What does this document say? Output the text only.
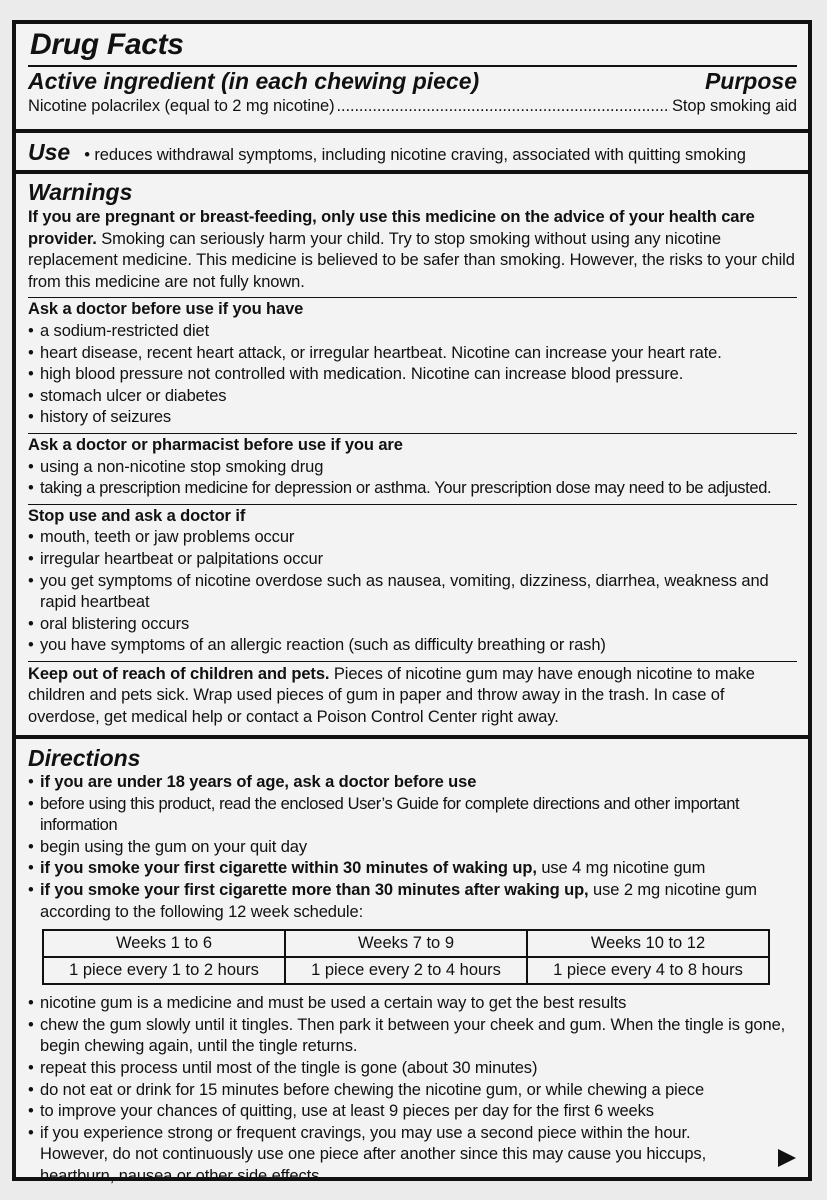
Drug Facts
Active ingredient (in each chewing piece)	Purpose
Nicotine polacrilex (equal to 2 mg nicotine) .....	Stop smoking aid
Use • reduces withdrawal symptoms, including nicotine craving, associated with quitting smoking
Warnings
If you are pregnant or breast-feeding, only use this medicine on the advice of your health care provider. Smoking can seriously harm your child. Try to stop smoking without using any nicotine replacement medicine. This medicine is believed to be safer than smoking. However, the risks to your child from this medicine are not fully known.
Ask a doctor before use if you have
• a sodium-restricted diet
• heart disease, recent heart attack, or irregular heartbeat. Nicotine can increase your heart rate.
• high blood pressure not controlled with medication. Nicotine can increase blood pressure.
• stomach ulcer or diabetes
• history of seizures
Ask a doctor or pharmacist before use if you are
• using a non-nicotine stop smoking drug
• taking a prescription medicine for depression or asthma. Your prescription dose may need to be adjusted.
Stop use and ask a doctor if
• mouth, teeth or jaw problems occur
• irregular heartbeat or palpitations occur
• you get symptoms of nicotine overdose such as nausea, vomiting, dizziness, diarrhea, weakness and rapid heartbeat
• oral blistering occurs
• you have symptoms of an allergic reaction (such as difficulty breathing or rash)
Keep out of reach of children and pets. Pieces of nicotine gum may have enough nicotine to make children and pets sick. Wrap used pieces of gum in paper and throw away in the trash. In case of overdose, get medical help or contact a Poison Control Center right away.
Directions
• if you are under 18 years of age, ask a doctor before use
• before using this product, read the enclosed User’s Guide for complete directions and other important information
• begin using the gum on your quit day
• if you smoke your first cigarette within 30 minutes of waking up, use 4 mg nicotine gum
• if you smoke your first cigarette more than 30 minutes after waking up, use 2 mg nicotine gum according to the following 12 week schedule:
Weeks 1 to 6	Weeks 7 to 9	Weeks 10 to 12
1 piece every 1 to 2 hours	1 piece every 2 to 4 hours	1 piece every 4 to 8 hours
• nicotine gum is a medicine and must be used a certain way to get the best results
• chew the gum slowly until it tingles. Then park it between your cheek and gum. When the tingle is gone, begin chewing again, until the tingle returns.
• repeat this process until most of the tingle is gone (about 30 minutes)
• do not eat or drink for 15 minutes before chewing the nicotine gum, or while chewing a piece
• to improve your chances of quitting, use at least 9 pieces per day for the first 6 weeks
• if you experience strong or frequent cravings, you may use a second piece within the hour. However, do not continuously use one piece after another since this may cause you hiccups, heartburn, nausea or other side effects.
